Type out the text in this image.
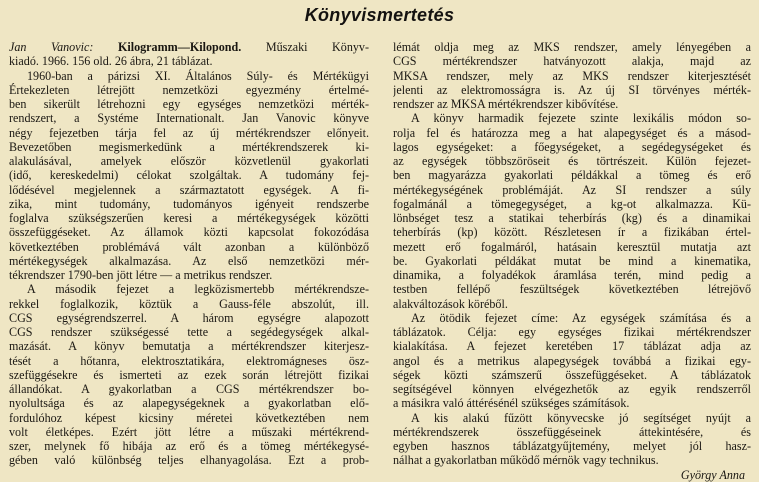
Könyvismertetés
Jan Vanovic: Kilogramm—Kilopond. Műszaki Könyv-
kiadó. 1966. 156 old. 26 ábra, 21 táblázat.
1960-ban a párizsi XI. Általános Súly- és Mértékügyi
Értekezleten létrejött nemzetközi egyezmény értelmé-
ben sikerült létrehozni egy egységes nemzetközi mérték-
rendszert, a Systéme Internationalt. Jan Vanovic könyve
négy fejezetben tárja fel az új mértékrendszer előnyeit.
Bevezetőben megismerkedünk a mértékrendszerek ki-
alakulásával, amelyek először közvetlenül gyakorlati
(idő, kereskedelmi) célokat szolgáltak. A tudomány fej-
lődésével megjelennek a származtatott egységek. A fi-
zika, mint tudomány, tudományos igényeit rendszerbe
foglalva szükségszerűen keresi a mértékegységek közötti
összefüggéseket. Az államok közti kapcsolat fokozódása
következtében problémává vált azonban a különböző
mértékegységek alkalmazása. Az első nemzetközi mér-
tékrendszer 1790-ben jött létre — a metrikus rendszer.
A második fejezet a legközismertebb mértékrendsze-
rekkel foglalkozik, köztük a Gauss-féle abszolút, ill.
CGS egységrendszerrel. A három egységre alapozott
CGS rendszer szükségessé tette a segédegységek alkal-
mazását. A könyv bemutatja a mértékrendszer kiterjesz-
tését a hőtanra, elektrosztatikára, elektromágneses ösz-
szefüggésekre és ismerteti az ezek során létrejött fizikai
állandókat. A gyakorlatban a CGS mértékrendszer bo-
nyolultsága és az alapegységeknek a gyakorlatban elő-
fordulóhoz képest kicsiny méretei következtében nem
volt életképes. Ezért jött létre a műszaki mértékrend-
szer, melynek fő hibája az erő és a tömeg mértékegysé-
gében való különbség teljes elhanyagolása. Ezt a prob-
lémát oldja meg az MKS rendszer, amely lényegében a
CGS mértékrendszer hatványozott alakja, majd az
MKSA rendszer, mely az MKS rendszer kiterjesztését
jelenti az elektromosságra is. Az új SI törvényes mérték-
rendszer az MKSA mértékrendszer kibővítése.
A könyv harmadik fejezete szinte lexikális módon so-
rolja fel és határozza meg a hat alapegységet és a másod-
lagos egységeket: a főegységeket, a segédegységeket és
az egységek többszöröseit és törtrészeit. Külön fejezet-
ben magyarázza gyakorlati példákkal a tömeg és erő
mértékegységének problémáját. Az SI rendszer a súly
fogalmánál a tömegegységet, a kg-ot alkalmazza. Kü-
lönbséget tesz a statikai teherbírás (kg) és a dinamikai
teherbírás (kp) között. Részletesen ír a fizikában értel-
mezett erő fogalmáról, hatásain keresztül mutatja azt
be. Gyakorlati példákat mutat be mind a kinematika,
dinamika, a folyadékok áramlása terén, mind pedig a
testben fellépő feszültségek következtében létrejövő
alakváltozások köréből.
Az ötödik fejezet címe: Az egységek számítása és a
táblázatok. Célja: egy egységes fizikai mértékrendszer
kialakítása. A fejezet keretében 17 táblázat adja az
angol és a metrikus alapegységek továbbá a fizikai egy-
ségek közti számszerű összefüggéseket. A táblázatok
segítségével könnyen elvégezhetők az egyik rendszerről
a másikra való áttérésénél szükséges számítások.
A kis alakú fűzött könyvecske jó segítséget nyújt a
mértékrendszerek összefüggéseinek áttekintésére, és
egyben hasznos táblázatgyűjtemény, melyet jól hasz-
nálhat a gyakorlatban működő mérnök vagy technikus.
György Anna
